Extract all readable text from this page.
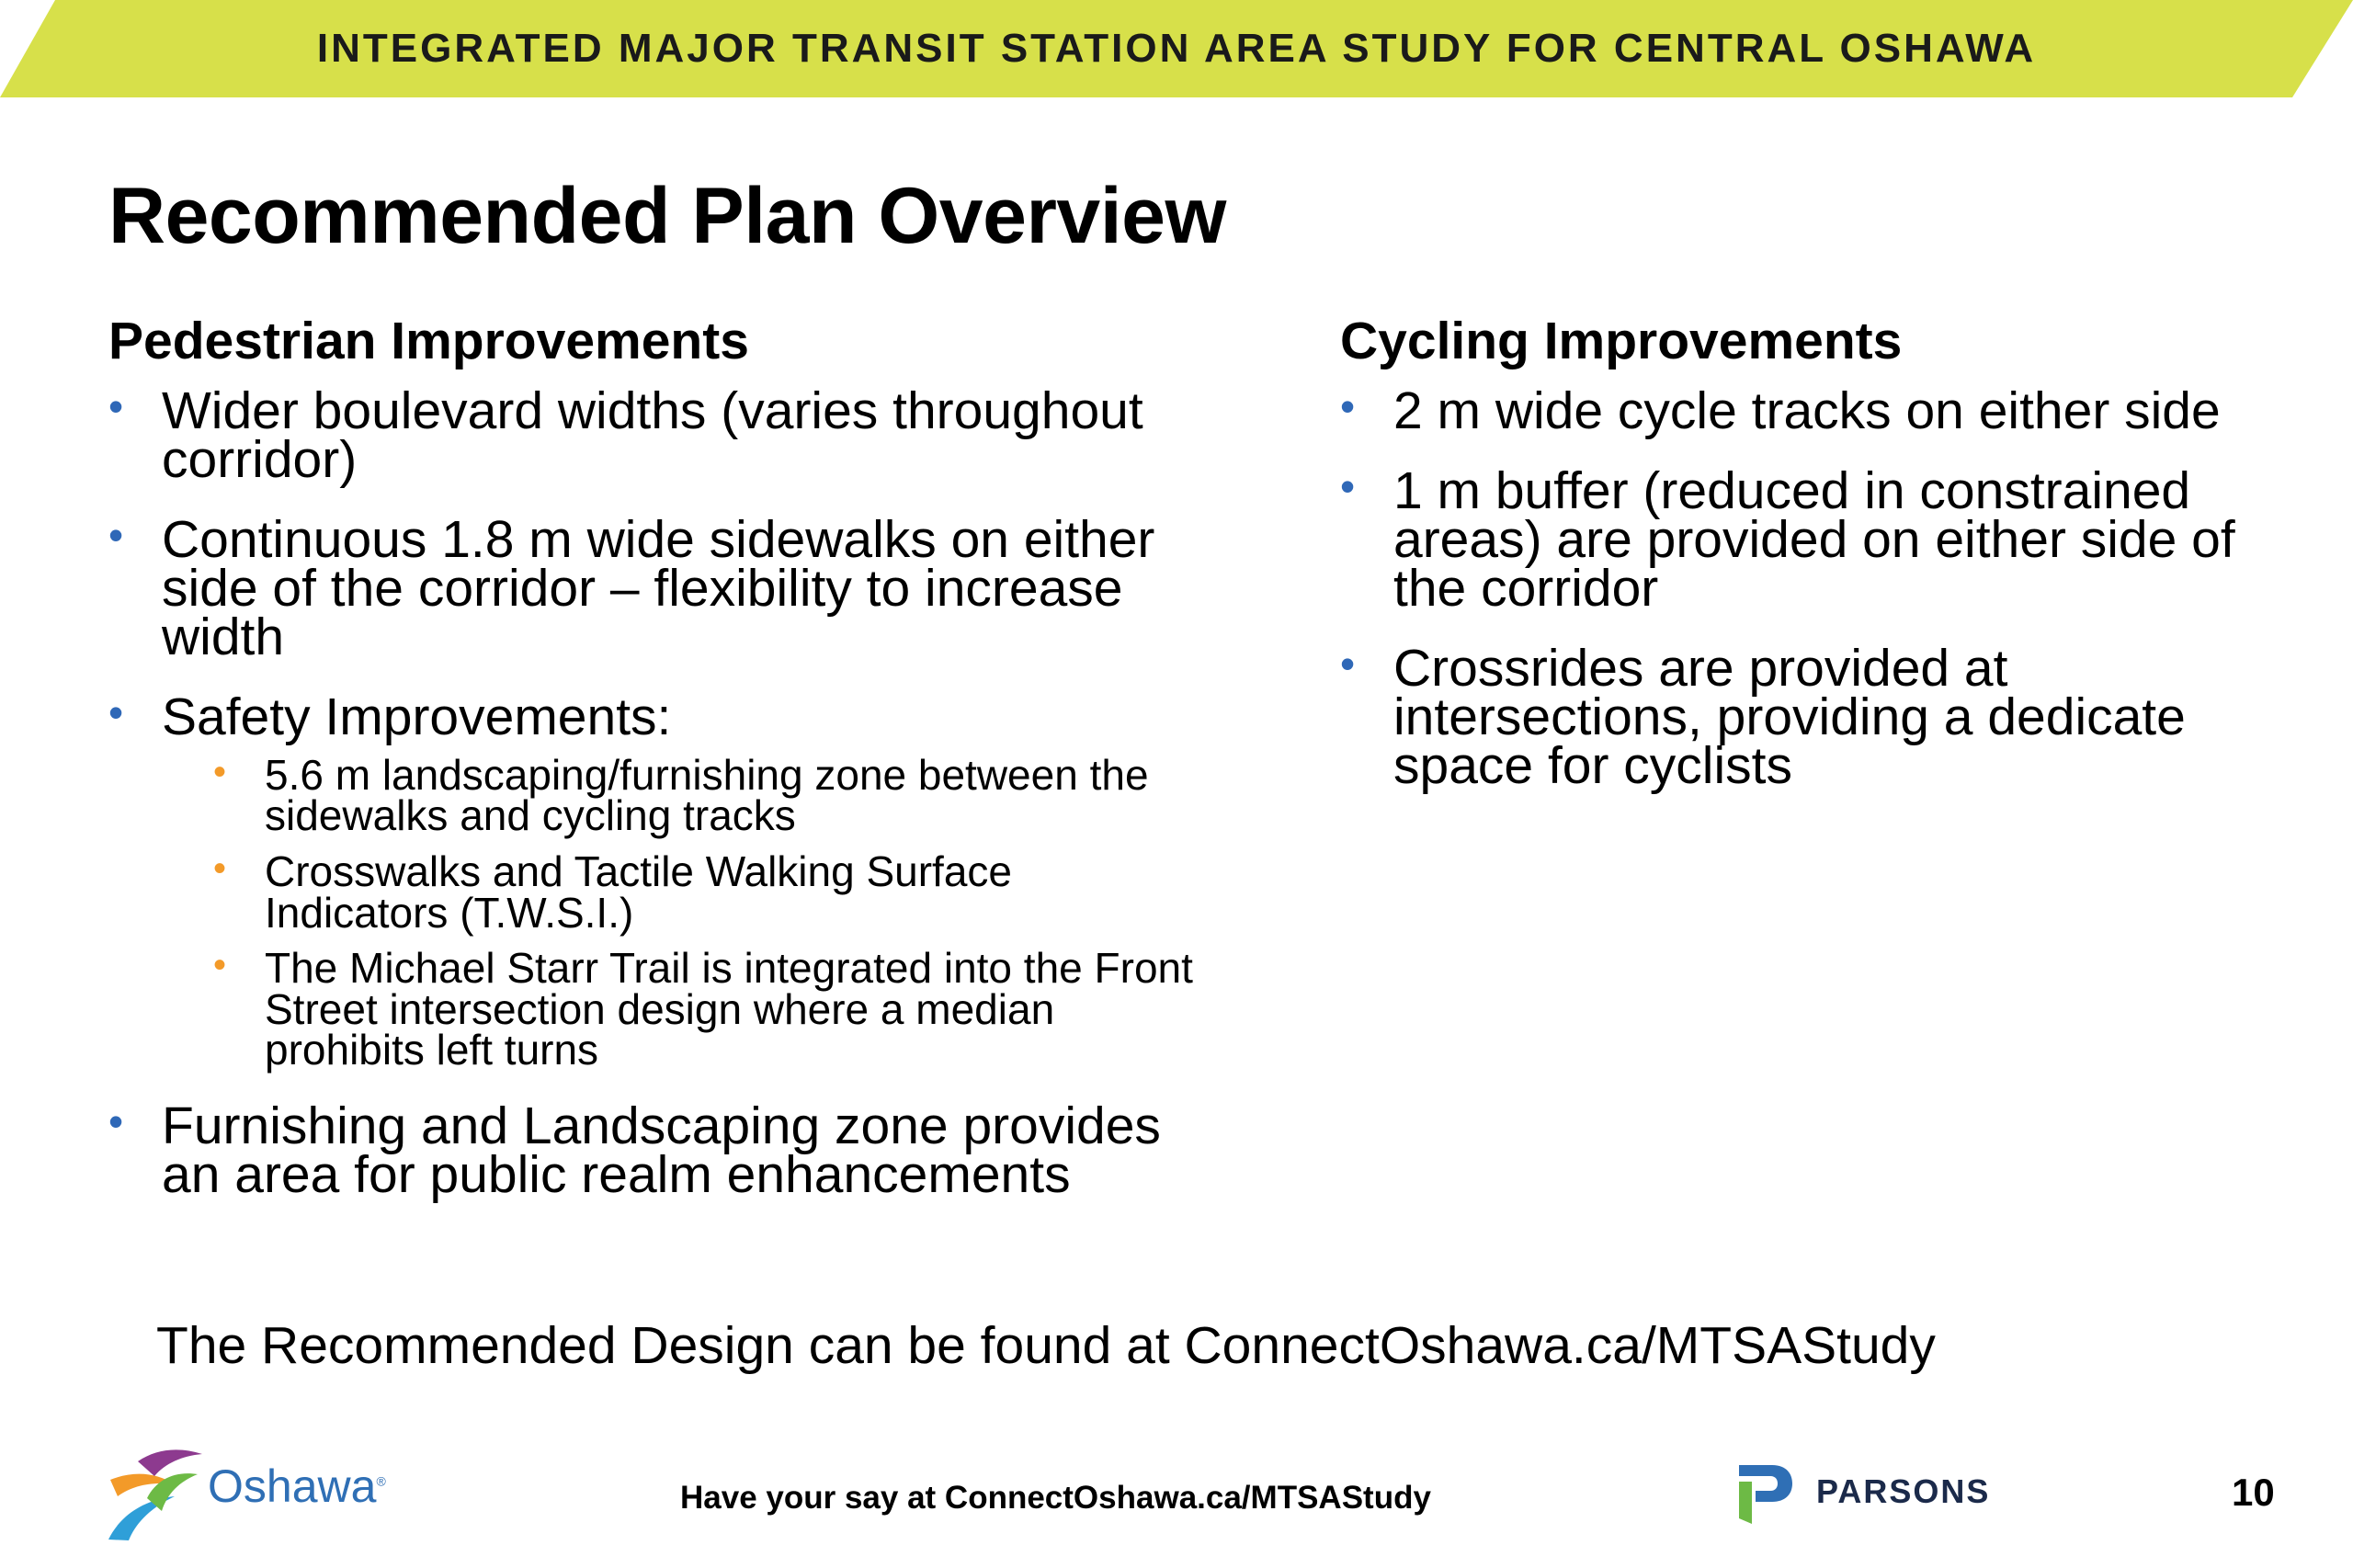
INTEGRATED MAJOR TRANSIT STATION AREA STUDY FOR CENTRAL OSHAWA
Recommended Plan Overview
Pedestrian Improvements
• Wider boulevard widths (varies throughout corridor)
• Continuous 1.8 m wide sidewalks on either side of the corridor – flexibility to increase width
• Safety Improvements:
• 5.6 m landscaping/furnishing zone between the sidewalks and cycling tracks
• Crosswalks and Tactile Walking Surface Indicators (T.W.S.I.)
• The Michael Starr Trail is integrated into the Front Street intersection design where a median prohibits left turns
• Furnishing and Landscaping zone provides an area for public realm enhancements
Cycling Improvements
• 2 m wide cycle tracks on either side
• 1 m buffer (reduced in constrained areas) are provided on either side of the corridor
• Crossrides are provided at intersections, providing a dedicate space for cyclists
The Recommended Design can be found at ConnectOshawa.ca/MTSAStudy
Oshawa®	Have your say at ConnectOshawa.ca/MTSAStudy	PARSONS	10
